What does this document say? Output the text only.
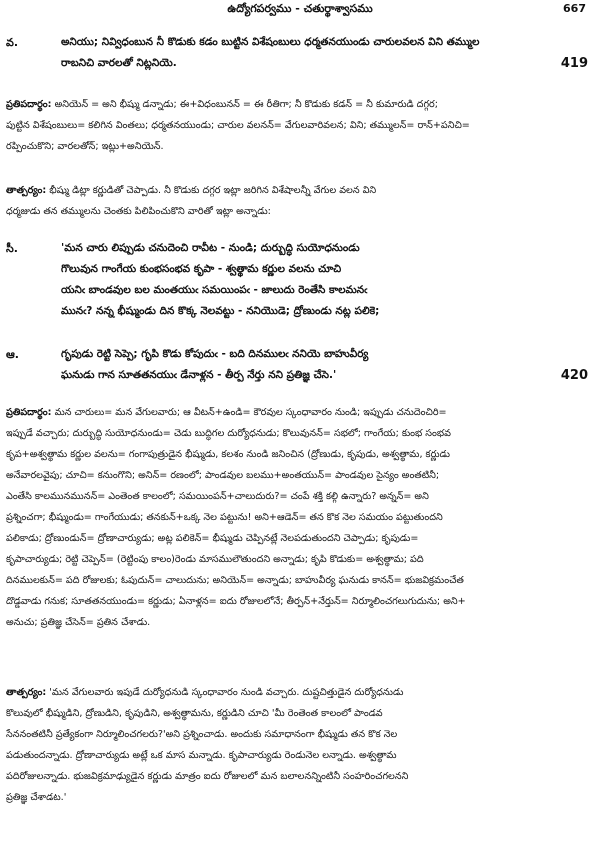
ఉద్యోగపర్వము - చతుర్థాశ్వాసము	667
వ.	అనియు; నివ్విధంబున నీ కొడుకు కడం బుట్టిన విశేషంబులు ధర్మతనయుండు చారులవలన విని తమ్ముల
రాబనిచి వారలతో నిట్లనియె.	419
ప్రతిపదార్థం: అనియెన్ = అని భీష్ము డన్నాడు; ఈ+విధంబునన్ = ఈ రీతిగా; నీ కొడుకు కడన్ = నీ కుమారుడి దగ్గర;
పుట్టిన విశేషంబులు= కలిగిన వింతలు; ధర్మతనయుండు; చారుల వలనన్= వేగులవారివలన; విని; తమ్ములన్= రాన్+పనిచి=
రప్పించుకొని; వారలతోన్; ఇట్లు+అనియెన్.
తాత్పర్యం: భీష్ము డిట్లా కర్ణుడితో చెప్పాడు. నీ కొడుకు దగ్గర ఇట్లా జరిగిన విశేషాలన్నీ వేగుల వలన విని
ధర్మజుడు తన తమ్ములను చెంతకు పిలిపించుకొని వారితో ఇట్లా అన్నాడు:
సీ.	'మన చారు లిప్పుడు చనుదెంచి రావీట - నుండి; దుర్బుద్ధి సుయోధనుండు
గొలువున గాంగేయ కుంభసంభవ కృపా - శ్వత్థామ కర్ణుల వలను చూచి
యనిఁ బాండవుల బల మంతయుఁ సమయింపఁ - జాలుదు రెంతేసి కాలమనఁ
మునఁ? నన్న భీష్ముండు దిన కొక్క నెలవట్టు - ననియొడె; ద్రోణుండు నట్ల పలికె;
ఆ.	గృపుడు రెట్టి సెప్పె; గృపి కొడు కోపుదుఁ - బది దినములఁ ననియె బాహువీర్య
ఘనుడు గాన సూతతనయుఁ డేనాళ్లన - తీర్ప నేర్తు నని ప్రతిజ్ఞ చేసె.'	420
ప్రతిపదార్థం: మన చారులు= మన వేగులవారు; ఆ వీటన్+ఉండి= కౌరవుల స్కంధావారం నుండి; ఇప్పుడు చనుదెంచిరి=
ఇప్పుడే వచ్చారు; దుర్బుద్ధి సుయోధనుండు= చెడు బుద్ధిగల దుర్యోధనుడు; కొలువునన్= సభలో; గాంగేయ; కుంభ సంభవ
కృప+అశ్వత్థామ కర్ణుల వలను= గంగాపుత్రుడైన భీష్ముడు, కలశం నుండి జనించిన (ద్రోణుడు, కృపుడు, అశ్వత్థామ, కర్ణుడు
అనేవారలవైపు; చూచి= కనుంగొని; అనిన్= రణంలో; పాండవుల బలము+అంతయున్= పాండవుల సైన్యం అంతటినీ;
ఎంతేసి కాలమునమునన్= ఎంతెంత కాలంలో; సమయింపన్+చాలుదురు?= చంపే శక్తి కల్గి ఉన్నారు? అన్నన్= అని
ప్రశ్నించగా; భీష్ముండు= గాంగేయుడు; తనకున్+ఒక్క నెల పట్టును! అని+ఆడెన్= తన కొక నెల సమయం పట్టుతుందని
పలికాడు; ద్రోణుండున్= ద్రోణాచార్యుడు; అట్ల పలికెన్= భీష్ముడు చెప్పినట్లే నెలపడుతుందని చెప్పాడు; కృపుడు=
కృపాచార్యుడు; రెట్టి చెప్పెన్= (రెట్టింపు కాలం)రెండు మాసములౌతుందని అన్నాడు; కృపి కొడుకు= అశ్వత్థామ; పది
దినములకున్= పది రోజులకు; ఓపుదున్= చాలుదును; అనియెన్= అన్నాడు; బాహువీర్య ఘనుడు కానన్= భుజవిక్రమంచేత
దొడ్డవాడు గనుక; సూతతనయుండు= కర్ణుడు; ఏనాళ్లన= ఐదు రోజులలోనే; తీర్పన్+నేర్తున్= నిర్మూలించగలుగుదును; అని+
అనుచు; ప్రతిజ్ఞ చేసెన్= ప్రతిన చేశాడు.
తాత్పర్యం: 'మన వేగులవారు ఇపుడే దుర్యోధనుడి స్కంధావారం నుండి వచ్చారు. దుష్టచిత్తుడైన దుర్యోధనుడు
కొలువులో భీష్ముడిని, ద్రోణుడిని, కృపుడిని, అశ్వత్థామను, కర్ణుడిని చూచి 'మీ రెంతెంత కాలంలో పాండవ
సేననంతటినీ ప్రత్యేకంగా నిర్మూలించగలరు?'అని ప్రశ్నించాడు. అందుకు సమాధానంగా భీష్ముడు తన కొక నెల
పడుతుందన్నాడు. ద్రోణాచార్యుడు అట్లే ఒక మాస మన్నాడు. కృపాచార్యుడు రెండునెల లన్నాడు. అశ్వత్థామ
పదిరోజులన్నాడు. భుజవిక్రమాఢ్యుడైన కర్ణుడు మాత్రం ఐదు రోజులలో మన బలాలనన్నింటినీ సంహరించగలనని
ప్రతిజ్ఞ చేశాడట.'
